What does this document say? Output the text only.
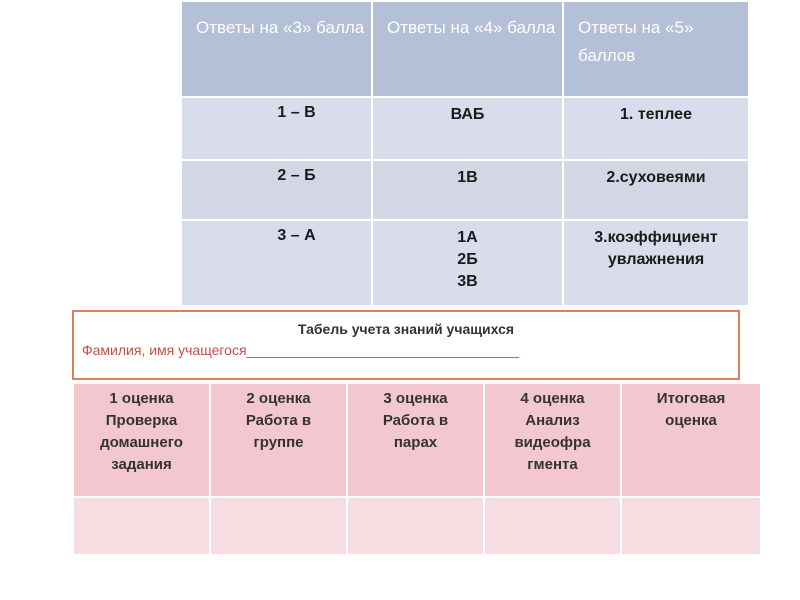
Ответы на «3» балла	Ответы на «4» балла	Ответы на «5» баллов
1 – В	ВАБ	1. теплее

2 – Б	1В	2.суховеями

3 – А	1А
2Б
3В	3.коэффициент
увлажнения
Табель учета знаний учащихся
Фамилия, имя учащегося___________________________________
1 оценка
Проверка
домашнего
задания	2 оценка
Работа в
группе	3 оценка
Работа в
парах	4 оценка
Анализ
видеофра
гмента	Итоговая
оценка
